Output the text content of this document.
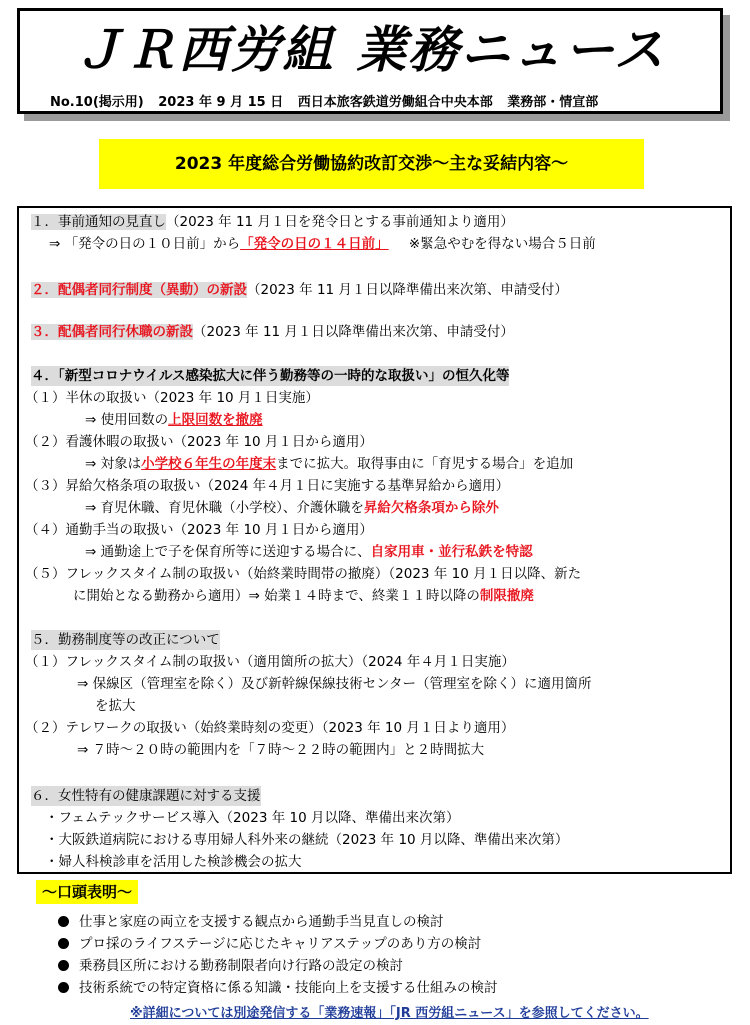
ＪＲ西労組 業務ニュース
No.10(掲示用) 2023 年 9 月 15 日 西日本旅客鉄道労働組合中央本部 業務部・情宣部
2023 年度総合労働協約改訂交渉～主な妥結内容～
１．事前通知の見直し（2023 年 11 月１日を発令日とする事前通知より適用）
⇒ 「発令の日の１０日前」から「発令の日の１４日前」 ※緊急やむを得ない場合５日前
２．配偶者同行制度（異動）の新設（2023 年 11 月１日以降準備出来次第、申請受付）
３．配偶者同行休職の新設（2023 年 11 月１日以降準備出来次第、申請受付）
４．「新型コロナウイルス感染拡大に伴う勤務等の一時的な取扱い」の恒久化等
（１）半休の取扱い（2023 年 10 月１日実施）
⇒ 使用回数の上限回数を撤廃
（２）看護休暇の取扱い（2023 年 10 月１日から適用）
⇒ 対象は小学校６年生の年度末までに拡大。取得事由に「育児する場合」を追加
（３）昇給欠格条項の取扱い（2024 年４月１日に実施する基準昇給から適用）
⇒ 育児休職、育児休職（小学校）、介護休職を昇給欠格条項から除外
（４）通勤手当の取扱い（2023 年 10 月１日から適用）
⇒ 通勤途上で子を保育所等に送迎する場合に、自家用車・並行私鉄を特認
（５）フレックスタイム制の取扱い（始終業時間帯の撤廃）（2023 年 10 月１日以降、新た
に開始となる勤務から適用）⇒ 始業１４時まで、終業１１時以降の制限撤廃
５．勤務制度等の改正について
（１）フレックスタイム制の取扱い（適用箇所の拡大）（2024 年４月１日実施）
⇒ 保線区（管理室を除く）及び新幹線保線技術センター（管理室を除く）に適用箇所
を拡大
（２）テレワークの取扱い（始終業時刻の変更）（2023 年 10 月１日より適用）
⇒ ７時～２０時の範囲内を「７時～２２時の範囲内」と２時間拡大
６．女性特有の健康課題に対する支援
・フェムテックサービス導入（2023 年 10 月以降、準備出来次第）
・大阪鉄道病院における専用婦人科外来の継続（2023 年 10 月以降、準備出来次第）
・婦人科検診車を活用した検診機会の拡大
～口頭表明～
仕事と家庭の両立を支援する観点から通勤手当見直しの検討
プロ採のライフステージに応じたキャリアステップのあり方の検討
乗務員区所における勤務制限者向け行路の設定の検討
技術系統での特定資格に係る知識・技能向上を支援する仕組みの検討
※詳細については別途発信する「業務速報」「JR 西労組ニュース」を参照してください。
